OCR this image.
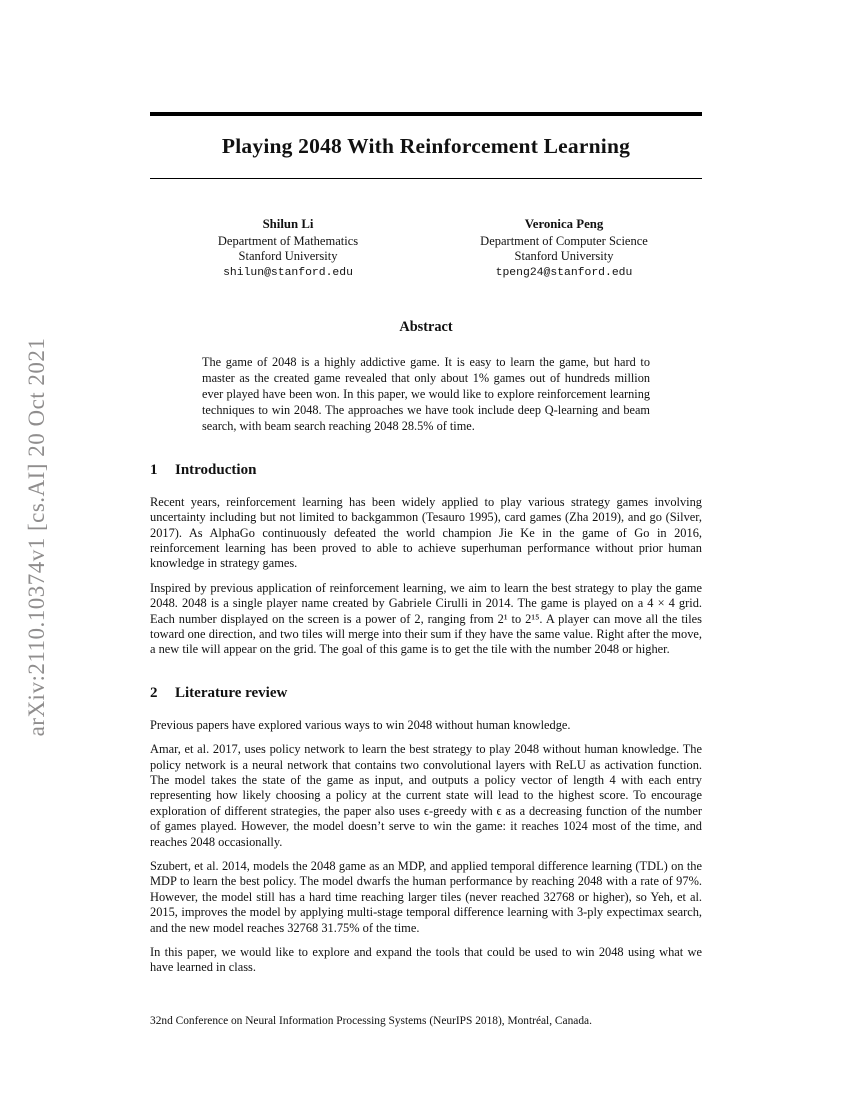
arXiv:2110.10374v1 [cs.AI] 20 Oct 2021
Playing 2048 With Reinforcement Learning
Shilun Li
Department of Mathematics
Stanford University
shilun@stanford.edu
Veronica Peng
Department of Computer Science
Stanford University
tpeng24@stanford.edu
Abstract

The game of 2048 is a highly addictive game. It is easy to learn the game, but hard to master as the created game revealed that only about 1% games out of hundreds million ever played have been won. In this paper, we would like to explore reinforcement learning techniques to win 2048. The approaches we have took include deep Q-learning and beam search, with beam search reaching 2048 28.5% of time.

1 Introduction

Recent years, reinforcement learning has been widely applied to play various strategy games involving uncertainty including but not limited to backgammon (Tesauro 1995), card games (Zha 2019), and go (Silver, 2017). As AlphaGo continuously defeated the world champion Jie Ke in the game of Go in 2016, reinforcement learning has been proved to able to achieve superhuman performance without prior human knowledge in strategy games.

Inspired by previous application of reinforcement learning, we aim to learn the best strategy to play the game 2048. 2048 is a single player name created by Gabriele Cirulli in 2014. The game is played on a 4 × 4 grid. Each number displayed on the screen is a power of 2, ranging from 2¹ to 2¹⁵. A player can move all the tiles toward one direction, and two tiles will merge into their sum if they have the same value. Right after the move, a new tile will appear on the grid. The goal of this game is to get the tile with the number 2048 or higher.

2 Literature review

Previous papers have explored various ways to win 2048 without human knowledge.

Amar, et al. 2017, uses policy network to learn the best strategy to play 2048 without human knowledge. The policy network is a neural network that contains two convolutional layers with ReLU as activation function. The model takes the state of the game as input, and outputs a policy vector of length 4 with each entry representing how likely choosing a policy at the current state will lead to the highest score. To encourage exploration of different strategies, the paper also uses ϵ-greedy with ϵ as a decreasing function of the number of games played. However, the model doesn’t serve to win the game: it reaches 1024 most of the time, and reaches 2048 occasionally.

Szubert, et al. 2014, models the 2048 game as an MDP, and applied temporal difference learning (TDL) on the MDP to learn the best policy. The model dwarfs the human performance by reaching 2048 with a rate of 97%. However, the model still has a hard time reaching larger tiles (never reached 32768 or higher), so Yeh, et al. 2015, improves the model by applying multi-stage temporal difference learning with 3-ply expectimax search, and the new model reaches 32768 31.75% of the time.

In this paper, we would like to explore and expand the tools that could be used to win 2048 using what we have learned in class.

32nd Conference on Neural Information Processing Systems (NeurIPS 2018), Montréal, Canada.
